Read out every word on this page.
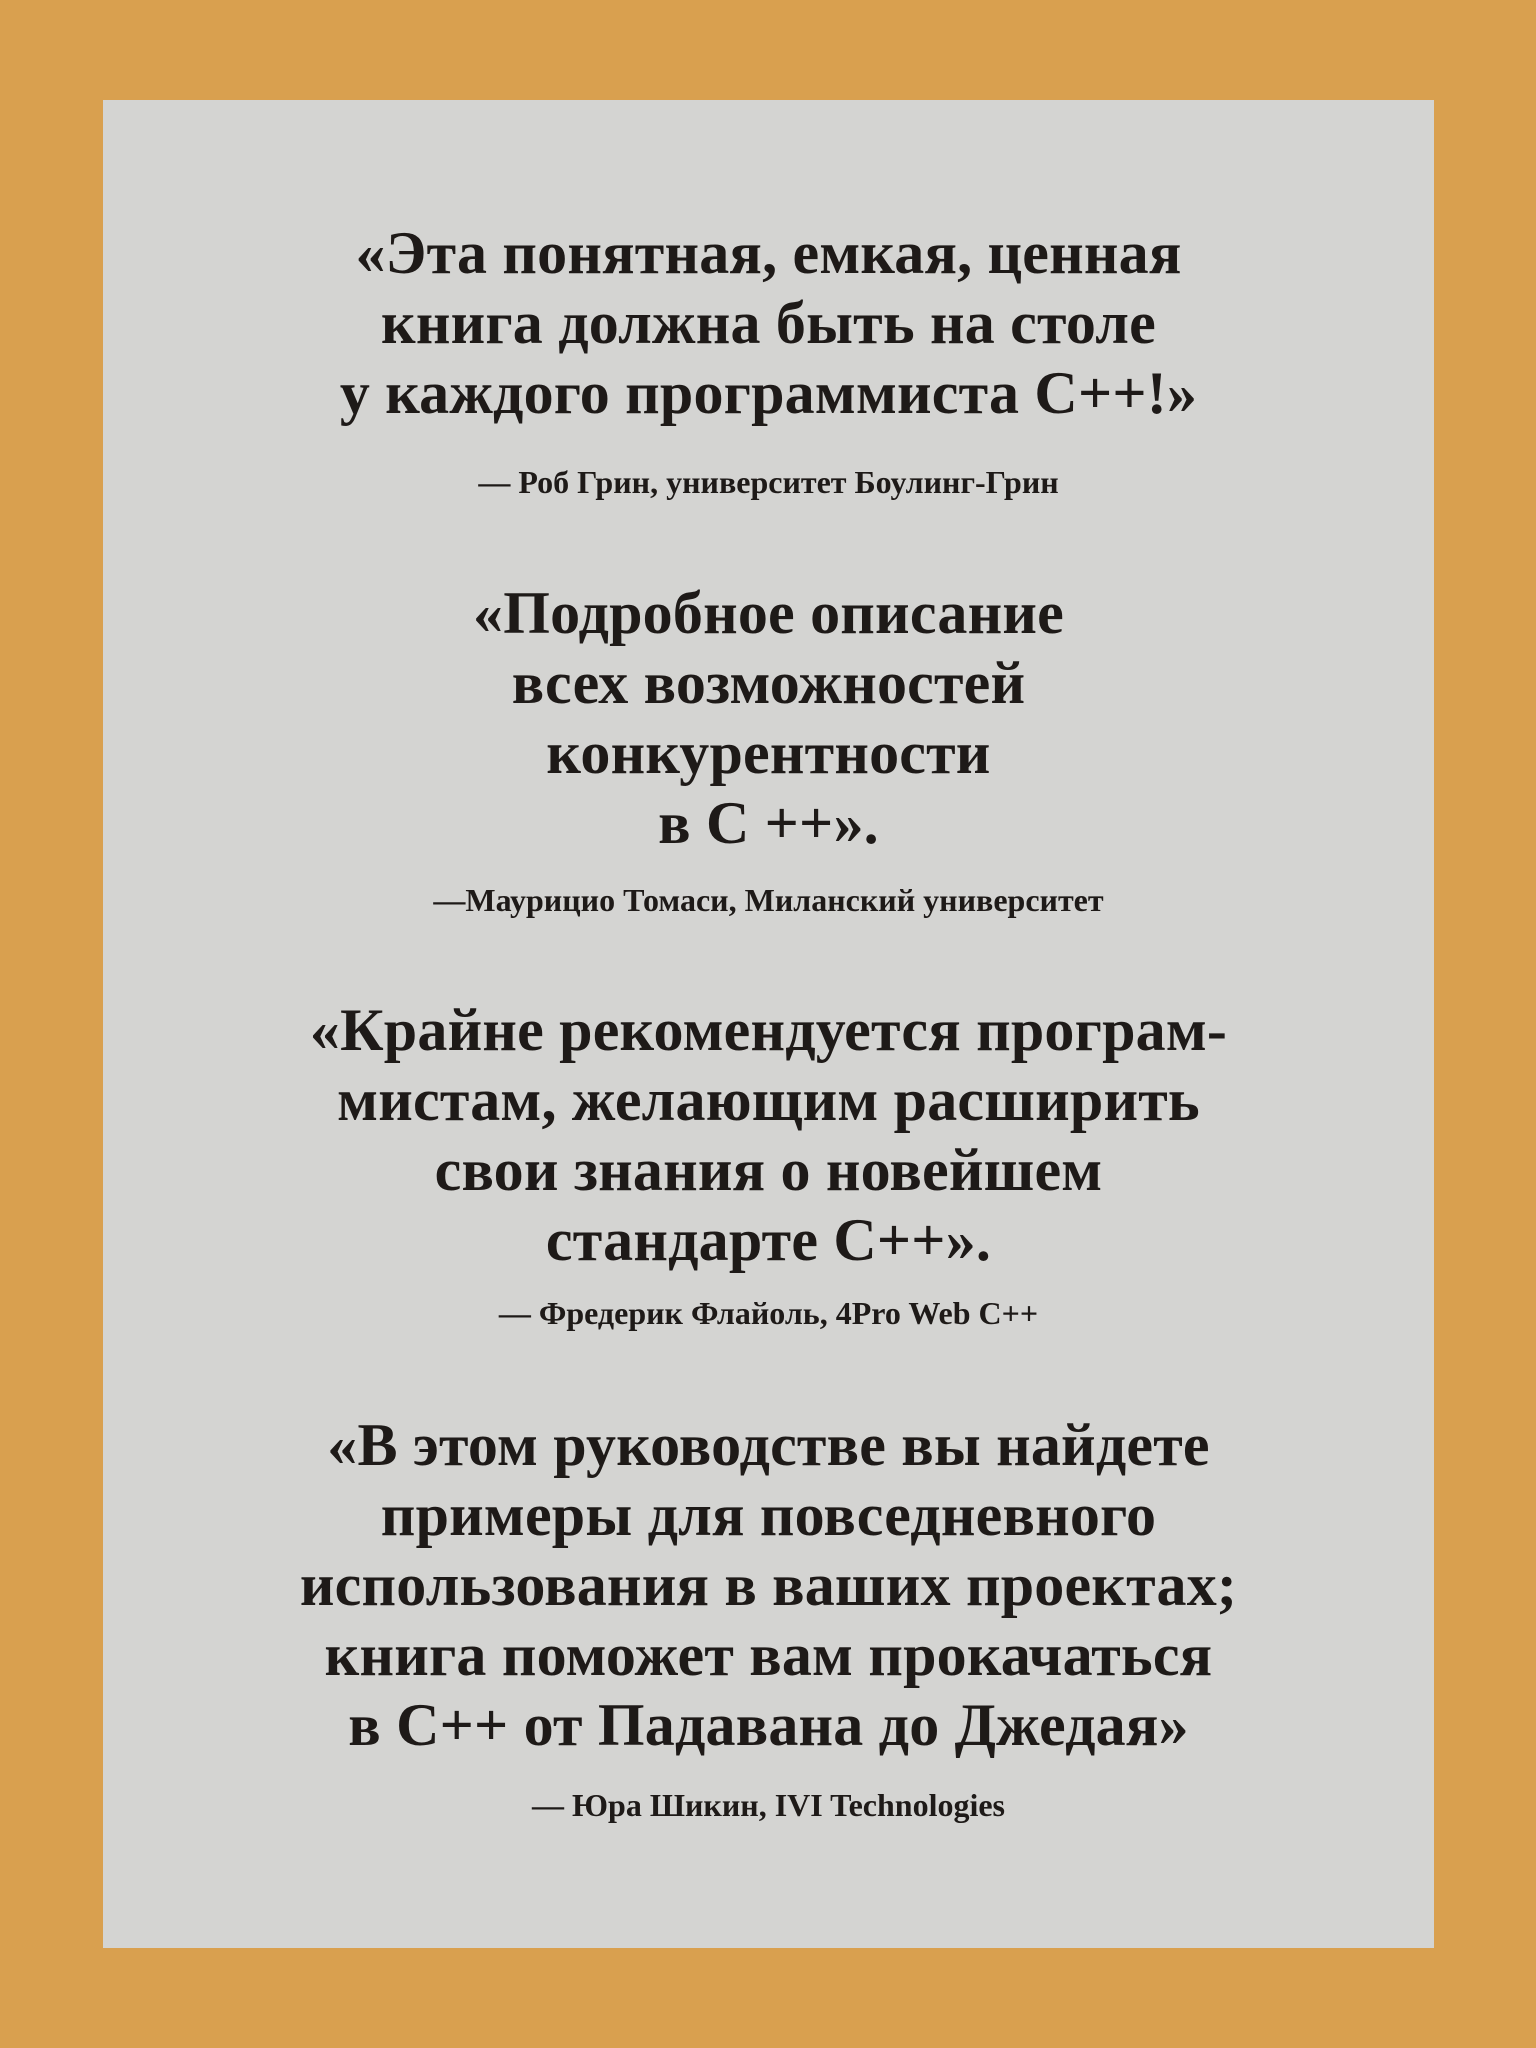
«Эта понятная, емкая, ценная
книга должна быть на столе
у каждого программиста C++!»
— Роб Грин, университет Боулинг-Грин
«Подробное описание
всех возможностей
конкурентности
в C ++».
—Маурицио Томаси, Миланский университет
«Крайне рекомендуется програм-
мистам, желающим расширить
свои знания о новейшем
стандарте C++».
— Фредерик Флайоль, 4Pro Web C++
«В этом руководстве вы найдете
примеры для повседневного
использования в ваших проектах;
книга поможет вам прокачаться
в C++ от Падавана до Джедая»
— Юра Шикин, IVI Technologies
